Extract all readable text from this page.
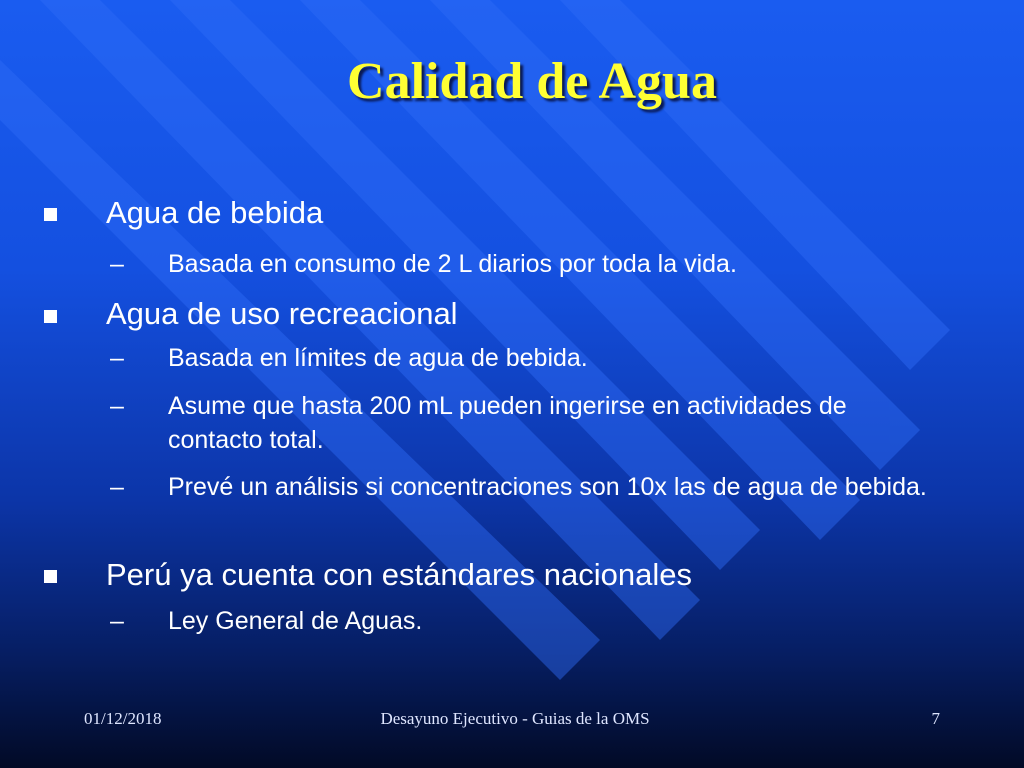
Calidad de Agua
Agua de bebida
– Basada en consumo de 2 L diarios por toda la vida.
Agua de uso recreacional
– Basada en límites de agua de bebida.
– Asume que hasta 200 mL pueden ingerirse en actividades de contacto total.
– Prevé un análisis si concentraciones son 10x las de agua de bebida.
Perú ya cuenta con estándares nacionales
– Ley General de Aguas.
01/12/2018	Desayuno Ejecutivo - Guias de la OMS	7
